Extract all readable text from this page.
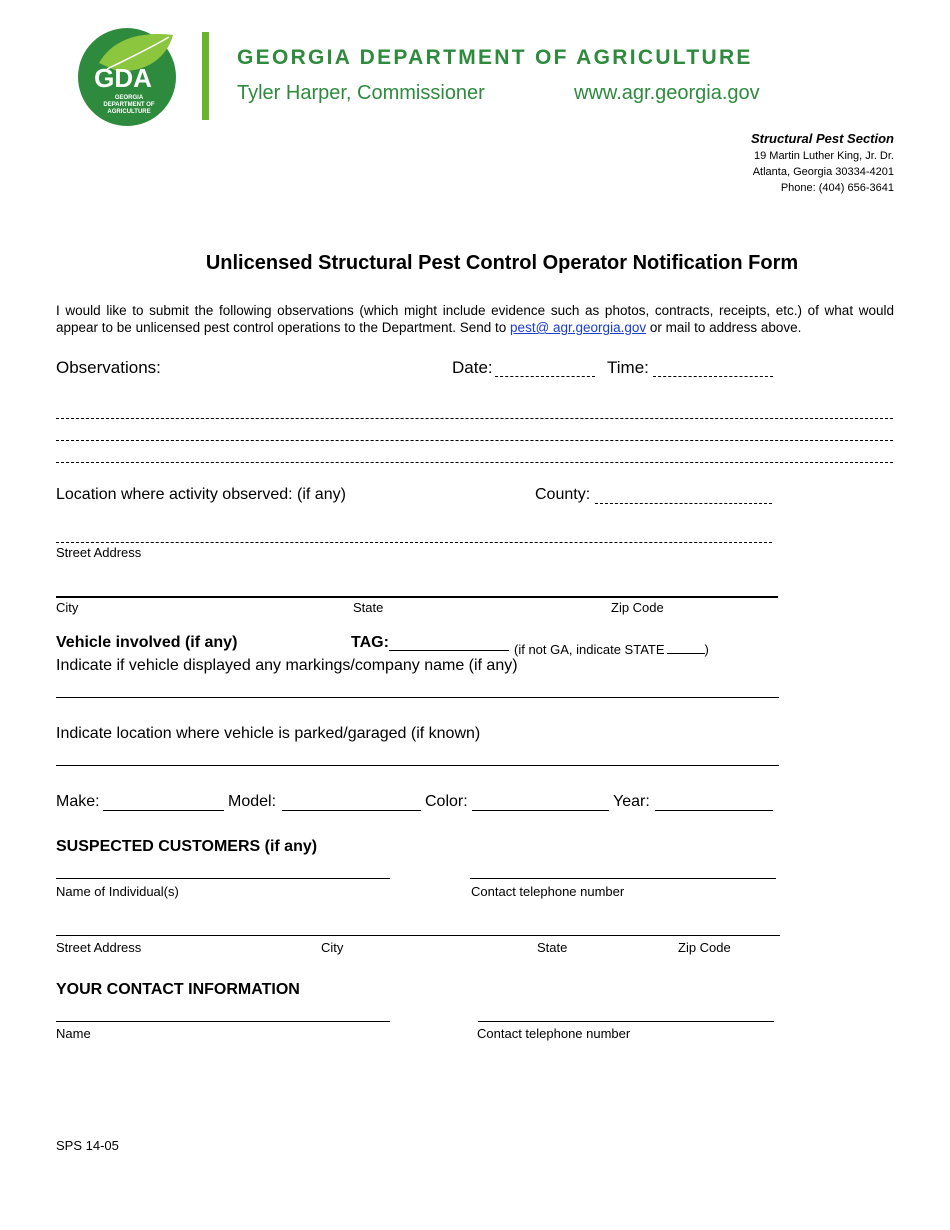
GDA
GEORGIA
DEPARTMENT OF
AGRICULTURE
GEORGIA DEPARTMENT OF AGRICULTURE
Tyler Harper, Commissioner	www.agr.georgia.gov
Structural Pest Section
19 Martin Luther King, Jr. Dr.
Atlanta, Georgia 30334-4201
Phone: (404) 656-3641
Unlicensed Structural Pest Control Operator Notification Form
I would like to submit the following observations (which might include evidence such as photos, contracts, receipts, etc.) of what would appear to be unlicensed pest control operations to the Department. Send to pest@ agr.georgia.gov or mail to address above.
Observations:	Date:	Time:
Location where activity observed: (if any)	County:
Street Address
City	State	Zip Code
Vehicle involved (if any)	TAG:	(if not GA, indicate STATE	)
Indicate if vehicle displayed any markings/company name (if any)
Indicate location where vehicle is parked/garaged (if known)
Make:	Model:	Color:	Year:
SUSPECTED CUSTOMERS (if any)
Name of Individual(s)	Contact telephone number
Street Address	City	State	Zip Code
YOUR CONTACT INFORMATION
Name	Contact telephone number
SPS 14-05
